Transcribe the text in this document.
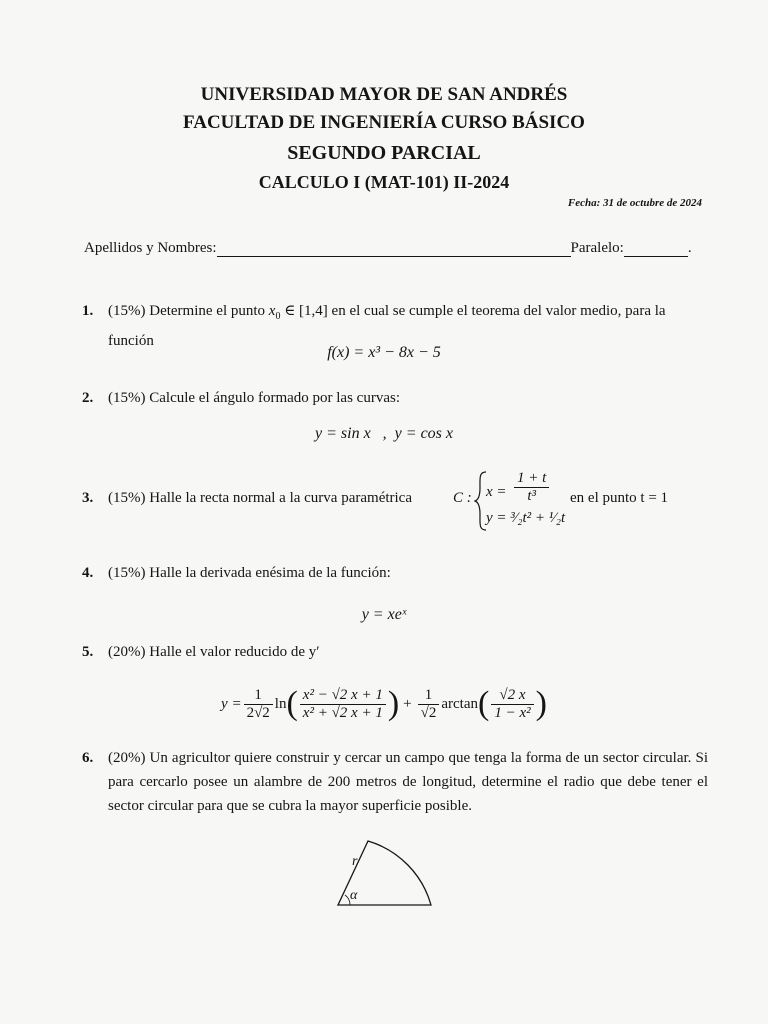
UNIVERSIDAD MAYOR DE SAN ANDRÉS
FACULTAD DE INGENIERÍA CURSO BÁSICO
SEGUNDO PARCIAL
CALCULO I (MAT-101) II-2024
Fecha: 31 de octubre de 2024
Apellidos y Nombres:	Paralelo:	.
1. (15%) Determine el punto $x_0$ ∈ [1,4] en el cual se cumple el teorema del valor medio, para la función
f(x) = x³ − 8x − 5
2. (15%) Calcule el ángulo formado por las curvas:
y = sin x   ,  y = cos x
3. (15%) Halle la recta normal a la curva paramétrica	C : $x = \frac{1 + t}{\text{t³}}$
y = ³⁄₂t² + ¹⁄₂t
en el punto t = 1
4. (15%) Halle la derivada enésima de la función:
y = xeˣ
5. (20%) Halle el valor reducido de y′
$y = \frac{1}{2√2}$ ln ( $\frac{\text{x² − √2 x + 1}}{\text{x² + √2 x + 1}}$ ) + $\frac{1}{√2}$ arctan ( $\frac{√2 x}{\text{1 − x²}}$ )
6. (20%) Un agricultor quiere construir y cercar un campo que tenga la forma de un sector circular. Si para cercarlo posee un alambre de 200 metros de longitud, determine el radio que debe tener el sector circular para que se cubra la mayor superficie posible.
r
α
